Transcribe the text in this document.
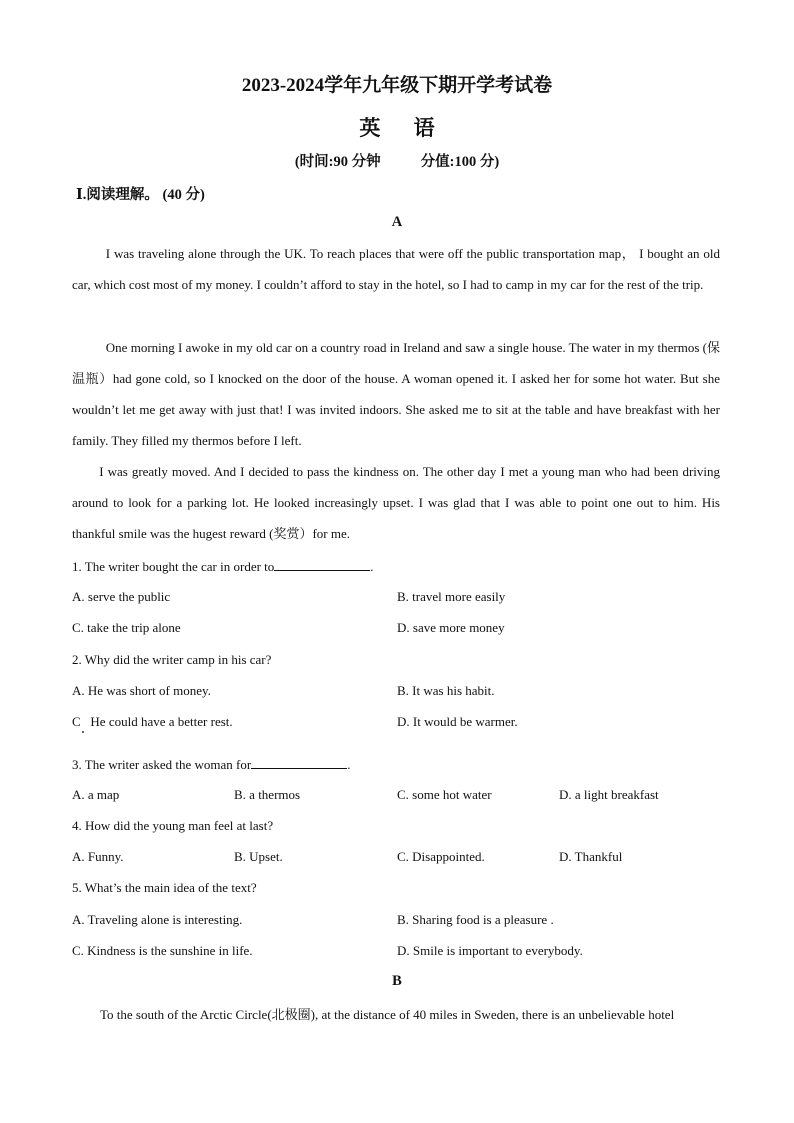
2023-2024学年九年级下期开学考试卷
英 语
(时间:90 分钟	分值:100 分)
Ⅰ.阅读理解。 (40 分)
A

I was traveling alone through the UK. To reach places that were off the public transportation map， I bought an old car, which cost most of my money. I couldn’t afford to stay in the hotel, so I had to camp in my car for the rest of the trip.

One morning I awoke in my old car on a country road in Ireland and saw a single house. The water in my thermos (保温瓶）had gone cold, so I knocked on the door of the house. A woman opened it. I asked her for some hot water. But she wouldn’t let me get away with just that! I was invited indoors. She asked me to sit at the table and have breakfast with her family. They filled my thermos before I left.

I was greatly moved. And I decided to pass the kindness on. The other day I met a young man who had been driving around to look for a parking lot. He looked increasingly upset. I was glad that I was able to point one out to him. His thankful smile was the hugest reward (奖赏）for me.

1. The writer bought the car in order to	.
A. serve the public	B. travel more easily
C. take the trip alone	D. save more money
2. Why did the writer camp in his car?
A. He was short of money.	B. It was his habit.
C   He could have a better rest.	D. It would be warmer.
3. The writer asked the woman for	.
A. a map	B. a thermos	C. some hot water	D. a light breakfast
4. How did the young man feel at last?
A. Funny.	B. Upset.	C. Disappointed.	D. Thankful
5. What’s the main idea of the text?
A. Traveling alone is interesting.	B. Sharing food is a pleasure .
C. Kindness is the sunshine in life.	D. Smile is important to everybody.
B
To the south of the Arctic Circle(北极圈), at the distance of 40 miles in Sweden, there is an unbelievable hotel
